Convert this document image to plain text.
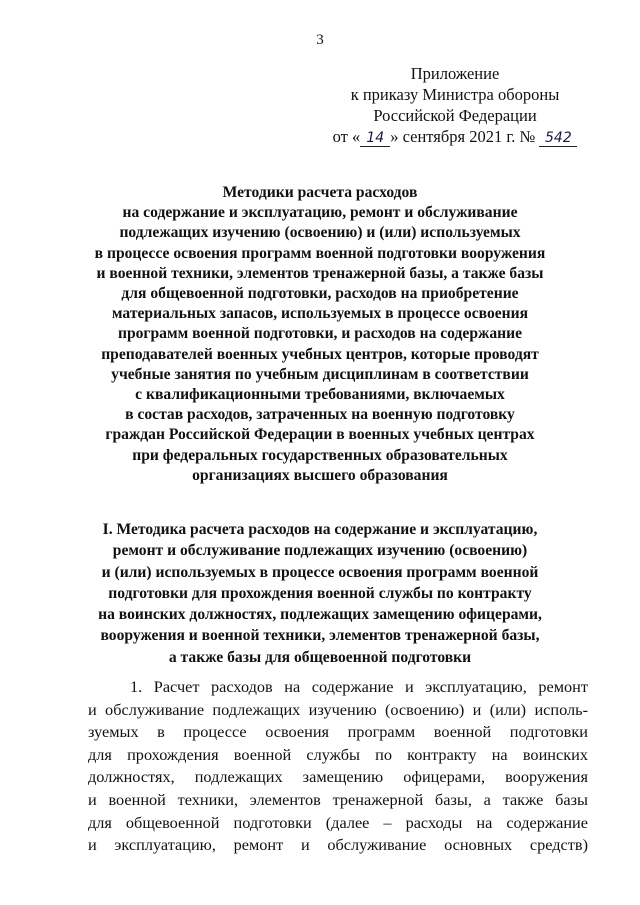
3
Приложение
к приказу Министра обороны
Российской Федерации
от « 14 » сентября 2021 г. № 542
Методики расчета расходов
на содержание и эксплуатацию, ремонт и обслуживание
подлежащих изучению (освоению) и (или) используемых
в процессе освоения программ военной подготовки вооружения
и военной техники, элементов тренажерной базы, а также базы
для общевоенной подготовки, расходов на приобретение
материальных запасов, используемых в процессе освоения
программ военной подготовки, и расходов на содержание
преподавателей военных учебных центров, которые проводят
учебные занятия по учебным дисциплинам в соответствии
с квалификационными требованиями, включаемых
в состав расходов, затраченных на военную подготовку
граждан Российской Федерации в военных учебных центрах
при федеральных государственных образовательных
организациях высшего образования
I. Методика расчета расходов на содержание и эксплуатацию,
ремонт и обслуживание подлежащих изучению (освоению)
и (или) используемых в процессе освоения программ военной
подготовки для прохождения военной службы по контракту
на воинских должностях, подлежащих замещению офицерами,
вооружения и военной техники, элементов тренажерной базы,
а также базы для общевоенной подготовки
1. Расчет расходов на содержание и эксплуатацию, ремонт
и обслуживание подлежащих изучению (освоению) и (или) исполь-
зуемых в процессе освоения программ военной подготовки
для прохождения военной службы по контракту на воинских
должностях, подлежащих замещению офицерами, вооружения
и военной техники, элементов тренажерной базы, а также базы
для общевоенной подготовки (далее – расходы на содержание
и эксплуатацию, ремонт и обслуживание основных средств)
